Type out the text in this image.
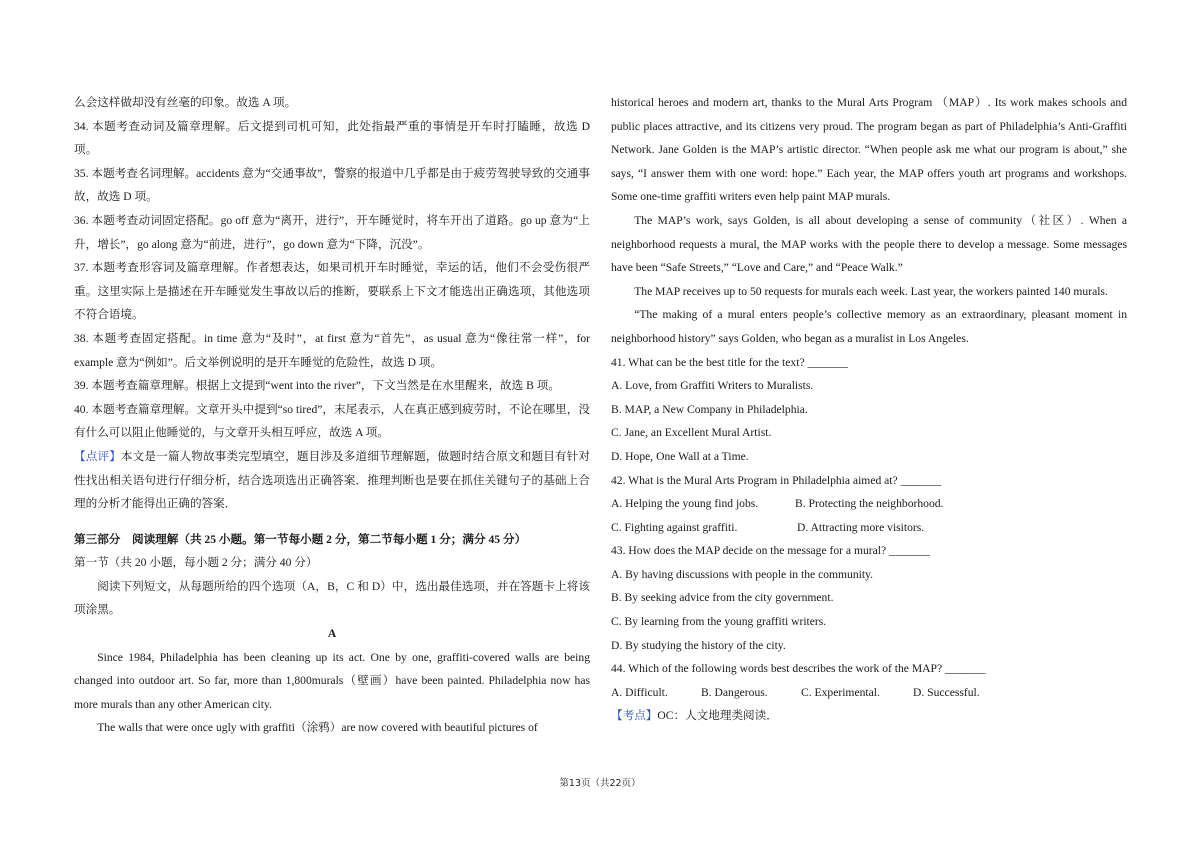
么会这样做却没有丝毫的印象。故选 A 项。

34. 本题考查动词及篇章理解。后文提到司机可知，此处指最严重的事情是开车时打瞌睡，故选 D 项。

35. 本题考查名词理解。accidents 意为“交通事故”，警察的报道中几乎都是由于疲劳驾驶导致的交通事故，故选 D 项。

36. 本题考查动词固定搭配。go off 意为“离开，进行”，开车睡觉时，将车开出了道路。go up 意为“上升，增长”，go along 意为“前进，进行”，go down 意为“下降，沉没”。

37. 本题考查形容词及篇章理解。作者想表达，如果司机开车时睡觉，幸运的话，他们不会受伤很严重。这里实际上是描述在开车睡觉发生事故以后的推断，要联系上下文才能选出正确选项，其他选项不符合语境。

38. 本题考查固定搭配。in time 意为“及时”，at first 意为“首先”，as usual 意为“像往常一样”，for example 意为“例如”。后文举例说明的是开车睡觉的危险性，故选 D 项。

39. 本题考查篇章理解。根据上文提到“went into the river”，下文当然是在水里醒来，故选 B 项。

40. 本题考查篇章理解。文章开头中提到“so tired”，末尾表示，人在真正感到疲劳时，不论在哪里，没有什么可以阻止他睡觉的，与文章开头相互呼应，故选 A 项。

【点评】本文是一篇人物故事类完型填空，题目涉及多道细节理解题，做题时结合原文和题目有针对 性找出相关语句进行仔细分析，结合选项选出正确答案．推理判断也是要在抓住关键句子的基础上合理的分析才能得出正确的答案．

第三部分　阅读理解（共 25 小题。第一节每小题 2 分，第二节每小题 1 分；满分 45 分）

第一节（共 20 小题，每小题 2 分；满分 40 分）

阅读下列短文，从每题所给的四个选项（A，B，C 和 D）中，选出最佳选项，并在答题卡上将该项涂黑。

A

Since 1984, Philadelphia has been cleaning up its act. One by one, graffiti-covered walls are being changed into outdoor art. So far, more than 1,800murals（壁画）have been painted. Philadelphia now has more murals than any other American city.

The walls that were once ugly with graffiti（涂鸦）are now covered with beautiful pictures of

historical heroes and modern art, thanks to the Mural Arts Program （MAP）. Its work makes schools and public places attractive, and its citizens very proud. The program began as part of Philadelphia’s Anti-Graffiti Network. Jane Golden is the MAP’s artistic director. “When people ask me what our program is about,” she says, “I answer them with one word: hope.” Each year, the MAP offers youth art programs and workshops. Some one-time graffiti writers even help paint MAP murals.

The MAP’s work, says Golden, is all about developing a sense of community（社区）. When a neighborhood requests a mural, the MAP works with the people there to develop a message. Some messages have been “Safe Streets,” “Love and Care,” and “Peace Walk.”

The MAP receives up to 50 requests for murals each week. Last year, the workers painted 140 murals.

“The making of a mural enters people’s collective memory as an extraordinary, pleasant moment in neighborhood history” says Golden, who began as a muralist in Los Angeles.

41. What can be the best title for the text? _______

A. Love, from Graffiti Writers to Muralists.

B. MAP, a New Company in Philadelphia.

C. Jane, an Excellent Mural Artist.

D. Hope, One Wall at a Time.

42. What is the Mural Arts Program in Philadelphia aimed at? _______

A. Helping the young find jobs.	B. Protecting the neighborhood.

C. Fighting against graffiti.	D. Attracting more visitors.

43. How does the MAP decide on the message for a mural? _______

A. By having discussions with people in the community.

B. By seeking advice from the city government.

C. By learning from the young graffiti writers.

D. By studying the history of the city.

44. Which of the following words best describes the work of the MAP? _______

A. Difficult.	B. Dangerous.	C. Experimental.	D. Successful.

【考点】OC：人文地理类阅读．

第13页（共22页）
